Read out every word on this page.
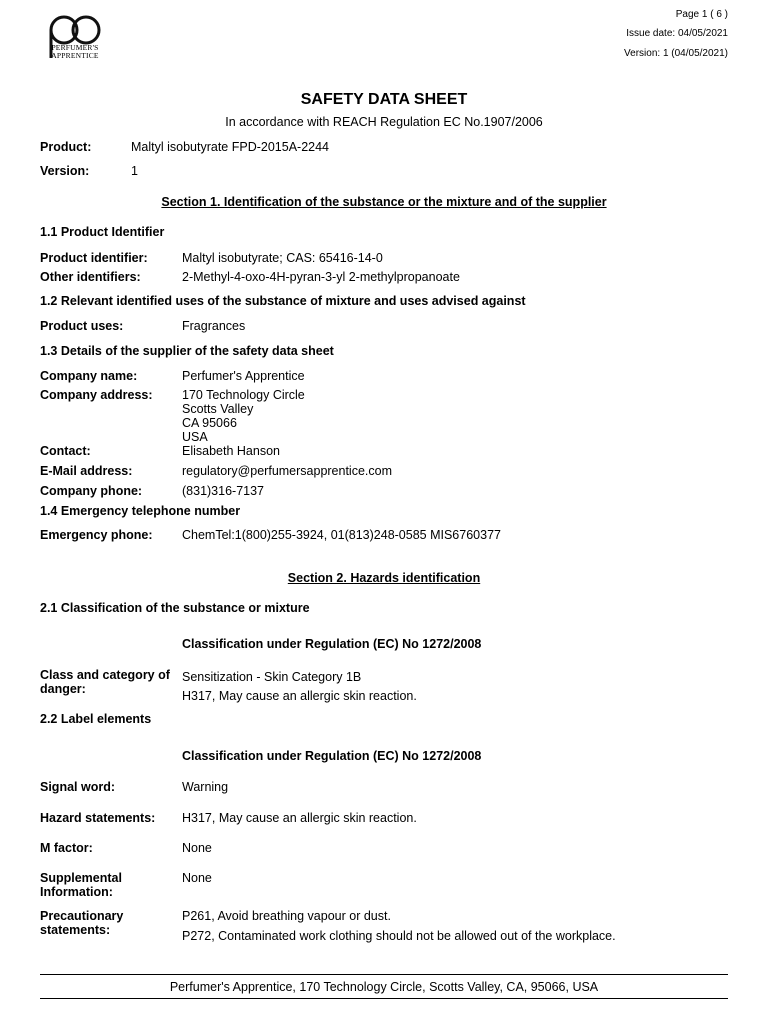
PERFUMER'S
APPRENTICE
Page 1 ( 6 )
Issue date: 04/05/2021
Version: 1 (04/05/2021)
SAFETY DATA SHEET
In accordance with REACH Regulation EC No.1907/2006
Product:	Maltyl isobutyrate FPD-2015A-2244
Version:	1
Section 1. Identification of the substance or the mixture and of the supplier
1.1 Product Identifier
Product identifier:	Maltyl isobutyrate; CAS: 65416-14-0
Other identifiers:	2-Methyl-4-oxo-4H-pyran-3-yl 2-methylpropanoate
1.2 Relevant identified uses of the substance of mixture and uses advised against
Product uses:	Fragrances
1.3 Details of the supplier of the safety data sheet
Company name:	Perfumer's Apprentice
Company address: 170 Technology Circle
Scotts Valley
CA 95066
USA
Contact:	Elisabeth Hanson
E-Mail address:	regulatory@perfumersapprentice.com
Company phone:	(831)316-7137
1.4 Emergency telephone number
Emergency phone: ChemTel:1(800)255-3924, 01(813)248-0585 MIS6760377
Section 2. Hazards identification
2.1 Classification of the substance or mixture
Classification under Regulation (EC) No 1272/2008
Class and category of
danger:
Sensitization - Skin Category 1B
H317, May cause an allergic skin reaction.
2.2 Label elements
Classification under Regulation (EC) No 1272/2008
Signal word:	Warning
Hazard statements: H317, May cause an allergic skin reaction.
M factor:	None
Supplemental
Information:
None
Precautionary
statements:
P261, Avoid breathing vapour or dust.
P272, Contaminated work clothing should not be allowed out of the workplace.
Perfumer's Apprentice, 170 Technology Circle, Scotts Valley, CA, 95066, USA
